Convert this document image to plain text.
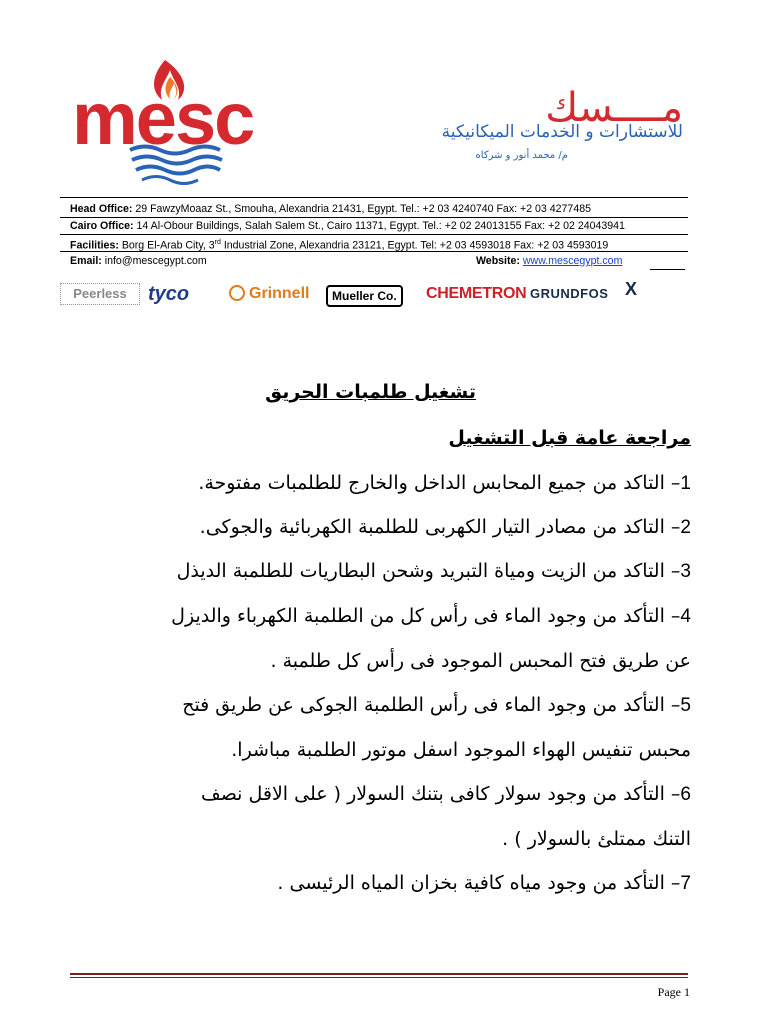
mesc	مــــسك
للاستشارات و الخدمات الميكانيكية
م/ محمد أنور و شركاه
Head Office: 29 FawzyMoaaz St., Smouha, Alexandria 21431, Egypt. Tel.: +2 03 4240740 Fax: +2 03 4277485
Cairo Office: 14 Al-Obour Buildings, Salah Salem St., Cairo 11371, Egypt. Tel.: +2 02 24013155 Fax: +2 02 24043941
Facilities: Borg El-Arab City, 3rd Industrial Zone, Alexandria 23121, Egypt. Tel: +2 03 4593018 Fax: +2 03 4593019
Email: info@mescegypt.com	Website: www.mescegypt.com
Peerless	tyco	Grinnell	Mueller Co.	CHEMETRON GRUNDFOS X
تشغيل طلمبات الحريق
مراجعة عامة قبل التشغيل
1– التاكد من جميع المحابس الداخل والخارج للطلمبات مفتوحة.
2– التاكد من مصادر التيار الكهربى للطلمبة الكهربائية والجوكى.
3– التاكد من الزيت ومياة التبريد وشحن البطاريات للطلمبة الديذل
4– التأكد من وجود الماء فى رأس كل من الطلمبة الكهرباء والديزل
عن طريق فتح المحبس الموجود فى رأس كل طلمبة .
5– التأكد من وجود الماء فى رأس الطلمبة الجوكى عن طريق فتح
محبس تنفيس الهواء الموجود اسفل موتور الطلمبة مباشرا.
6– التأكد من وجود سولار كافى بتنك السولار ( على الاقل نصف
التنك ممتلئ بالسولار ) .
7– التأكد من وجود مياه كافية بخزان المياه الرئيسى .
Page 1
